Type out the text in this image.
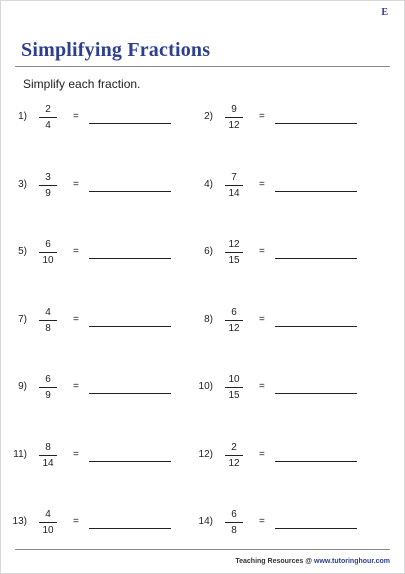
E
Simplifying Fractions
Simplify each fraction.
1)
2
4
=	2)
9
12
=
3)
3
9
=	4)
7
14
=
5)
6
10
=	6)
12
15
=
7)
4
8
=	8)
6
12
=
9)
6
9
=	10)
10
15
=
11)
8
14
=	12)
2
12
=
13)
4
10
=	14)
6
8
=
Teaching Resources @ www.tutoringhour.com
